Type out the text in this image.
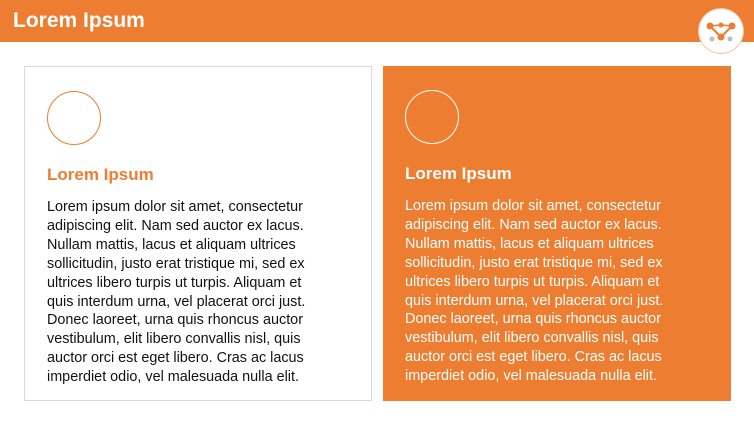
Lorem Ipsum
Lorem Ipsum
Lorem ipsum dolor sit amet, consectetur
adipiscing elit. Nam sed auctor ex lacus.
Nullam mattis, lacus et aliquam ultrices
sollicitudin, justo erat tristique mi, sed ex
ultrices libero turpis ut turpis. Aliquam et
quis interdum urna, vel placerat orci just.
Donec laoreet, urna quis rhoncus auctor
vestibulum, elit libero convallis nisl, quis
auctor orci est eget libero. Cras ac lacus
imperdiet odio, vel malesuada nulla elit.
Lorem Ipsum
Lorem ipsum dolor sit amet, consectetur
adipiscing elit. Nam sed auctor ex lacus.
Nullam mattis, lacus et aliquam ultrices
sollicitudin, justo erat tristique mi, sed ex
ultrices libero turpis ut turpis. Aliquam et
quis interdum urna, vel placerat orci just.
Donec laoreet, urna quis rhoncus auctor
vestibulum, elit libero convallis nisl, quis
auctor orci est eget libero. Cras ac lacus
imperdiet odio, vel malesuada nulla elit.
